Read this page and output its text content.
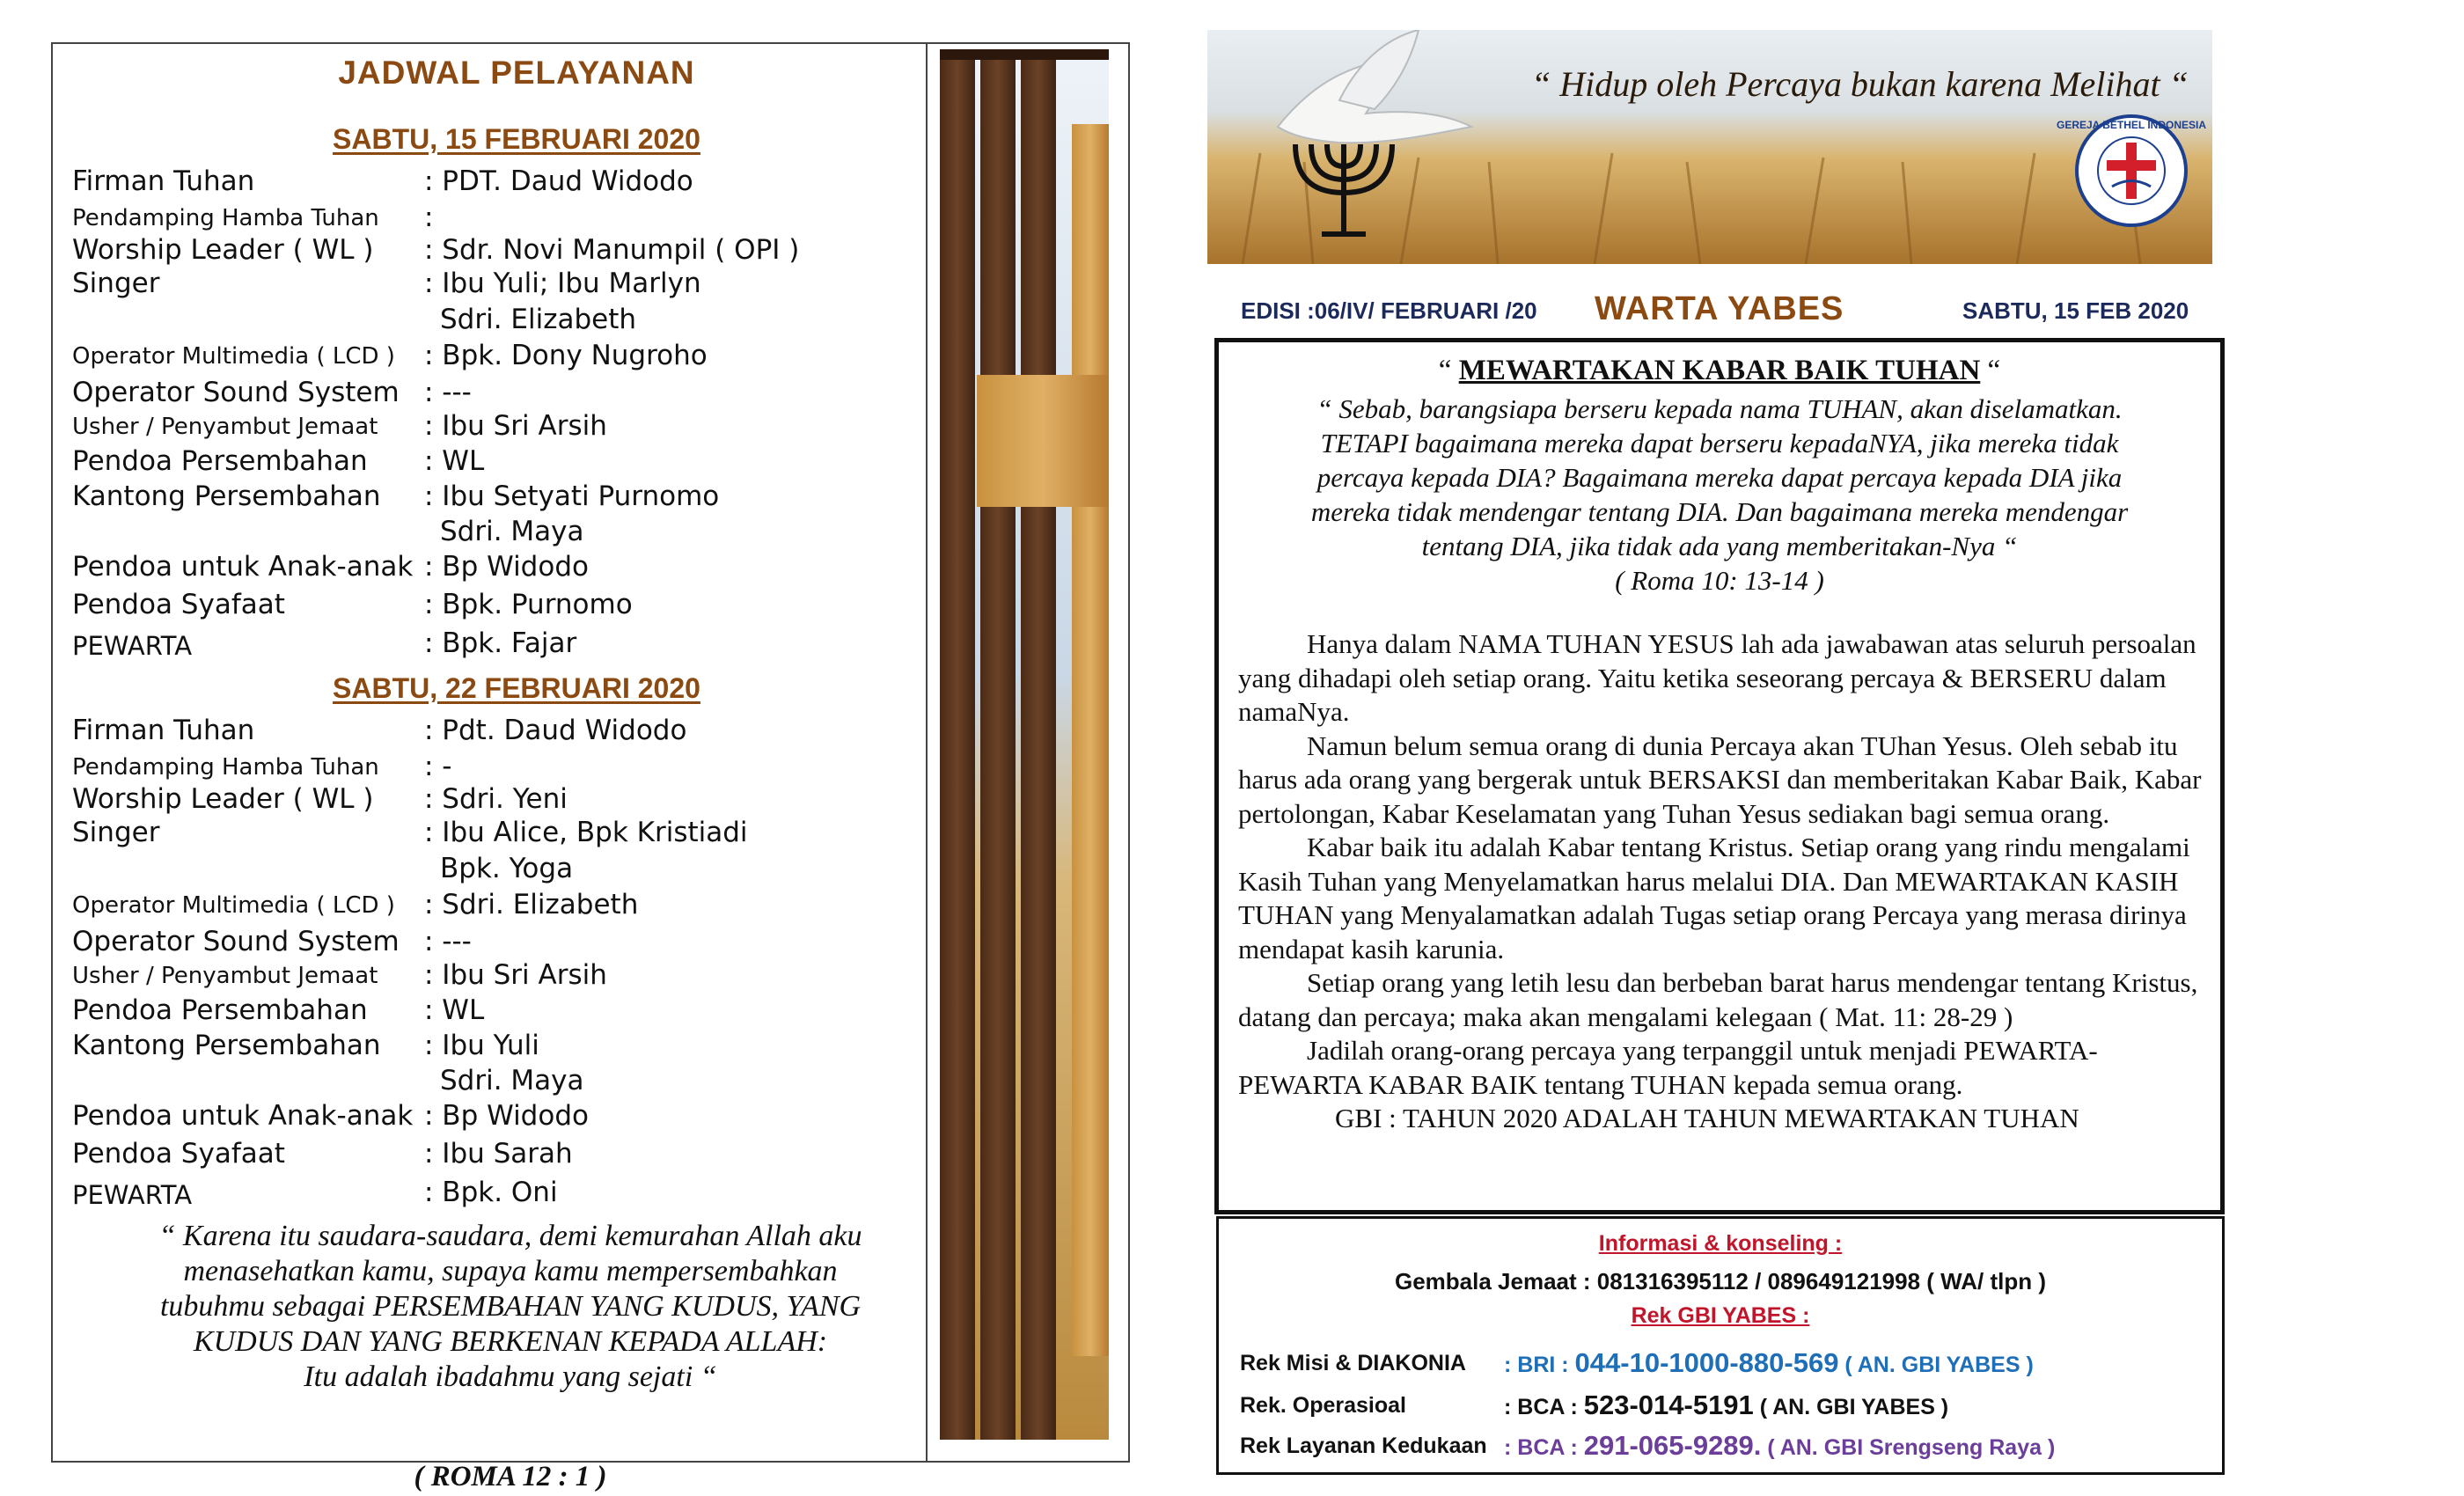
JADWAL PELAYANAN
SABTU, 15 FEBRUARI 2020
Firman Tuhan	: PDT. Daud Widodo
Pendamping Hamba Tuhan :
Worship Leader ( WL ) : Sdr. Novi Manumpil ( OPI )
Singer	: Ibu Yuli; Ibu Marlyn
Sdri. Elizabeth
Operator Multimedia ( LCD ) : Bpk. Dony Nugroho
Operator Sound System : ---
Usher / Penyambut Jemaat : Ibu Sri Arsih
Pendoa Persembahan : WL
Kantong Persembahan : Ibu Setyati Purnomo
Sdri. Maya
Pendoa untuk Anak-anak : Bp Widodo
Pendoa Syafaat	: Bpk. Purnomo
PEWARTA	: Bpk. Fajar
SABTU, 22 FEBRUARI 2020
Firman Tuhan	: Pdt. Daud Widodo
Pendamping Hamba Tuhan : -
Worship Leader ( WL ) : Sdri. Yeni
Singer	: Ibu Alice, Bpk Kristiadi
Bpk. Yoga
Operator Multimedia ( LCD ) : Sdri. Elizabeth
Operator Sound System : ---
Usher / Penyambut Jemaat : Ibu Sri Arsih
Pendoa Persembahan : WL
Kantong Persembahan : Ibu Yuli
Sdri. Maya
Pendoa untuk Anak-anak : Bp Widodo
Pendoa Syafaat	: Ibu Sarah
PEWARTA	: Bpk. Oni
“ Karena itu saudara-saudara, demi kemurahan Allah aku
menasehatkan kamu, supaya kamu mempersembahkan
tubuhmu sebagai PERSEMBAHAN YANG KUDUS, YANG
KUDUS DAN YANG BERKENAN KEPADA ALLAH:
Itu adalah ibadahmu yang sejati “
( ROMA 12 : 1 )
GEREJA BETHEL INDONESIA
“ Hidup oleh Percaya bukan karena Melihat “
EDISI :06/IV/ FEBRUARI /20 WARTA YABES	SABTU, 15 FEB 2020
“ MEWARTAKAN KABAR BAIK TUHAN “
“ Sebab, barangsiapa berseru kepada nama TUHAN, akan diselamatkan.
TETAPI bagaimana mereka dapat berseru kepadaNYA, jika mereka tidak
percaya kepada DIA? Bagaimana mereka dapat percaya kepada DIA jika
mereka tidak mendengar tentang DIA. Dan bagaimana mereka mendengar
tentang DIA, jika tidak ada yang memberitakan-Nya “
( Roma 10: 13-14 )

Hanya dalam NAMA TUHAN YESUS lah ada jawabawan atas seluruh persoalan yang dihadapi oleh setiap orang. Yaitu ketika seseorang percaya & BERSERU dalam namaNya.

Namun belum semua orang di dunia Percaya akan TUhan Yesus. Oleh sebab itu harus ada orang yang bergerak untuk BERSAKSI dan memberitakan Kabar Baik, Kabar pertolongan, Kabar Keselamatan yang Tuhan Yesus sediakan bagi semua orang.

Kabar baik itu adalah Kabar tentang Kristus. Setiap orang yang rindu mengalami Kasih Tuhan yang Menyelamatkan harus melalui DIA. Dan MEWARTAKAN KASIH TUHAN yang Menyalamatkan adalah Tugas setiap orang Percaya yang merasa dirinya mendapat kasih karunia.

Setiap orang yang letih lesu dan berbeban barat harus mendengar tentang Kristus, datang dan percaya; maka akan mengalami kelegaan ( Mat. 11: 28-29 )

Jadilah orang-orang percaya yang terpanggil untuk menjadi PEWARTA-PEWARTA KABAR BAIK tentang TUHAN kepada semua orang.

GBI : TAHUN 2020 ADALAH TAHUN MEWARTAKAN TUHAN

Informasi & konseling :
Gembala Jemaat : 081316395112 / 089649121998 ( WA/ tlpn )
Rek GBI YABES :
Rek Misi & DIAKONIA : BRI : 044-10-1000-880-569 ( AN. GBI YABES )
Rek. Operasioal	: BCA : 523-014-5191 ( AN. GBI YABES )
Rek Layanan Kedukaan : BCA : 291-065-9289. ( AN. GBI Srengseng Raya )
